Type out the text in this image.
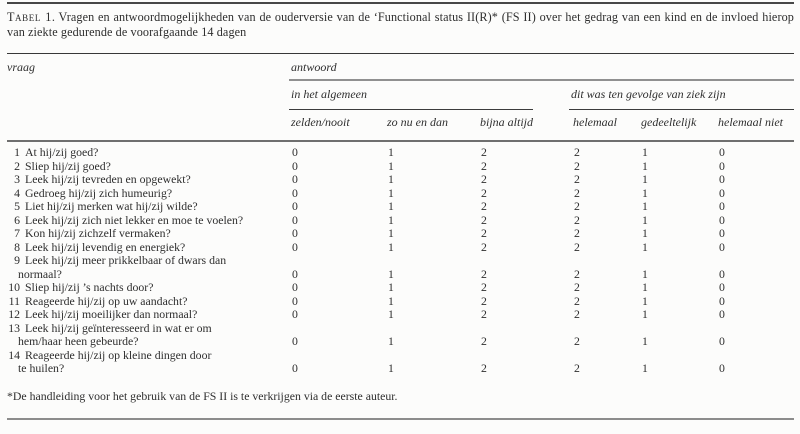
Tabel 1. Vragen en antwoordmogelijkheden van de ouderversie van de ‘Functional status II(R)* (FS II) over het gedrag van een kind en de invloed hierop van ziekte gedurende de voorafgaande 14 dagen
vraag	antwoord
in het algemeen	dit was ten gevolge van ziek zijn
zelden/nooit	zo nu en dan	bijna altijd	helemaal	gedeeltelijk	helemaal niet
1 At hij/zij goed?	0	1	2	2	1	0
2 Sliep hij/zij goed?	0	1	2	2	1	0
3 Leek hij/zij tevreden en opgewekt?	0	1	2	2	1	0
4 Gedroeg hij/zij zich humeurig?	0	1	2	2	1	0
5 Liet hij/zij merken wat hij/zij wilde?	0	1	2	2	1	0
6 Leek hij/zij zich niet lekker en moe te voelen?	0	1	2	2	1	0
7 Kon hij/zij zichzelf vermaken?	0	1	2	2	1	0
8 Leek hij/zij levendig en energiek?	0	1	2	2	1	0
9 Leek hij/zij meer prikkelbaar of dwars dan
normaal?	0	1	2	2	1	0
10 Sliep hij/zij ’s nachts door?	0	1	2	2	1	0
11 Reageerde hij/zij op uw aandacht?	0	1	2	2	1	0
12 Leek hij/zij moeilijker dan normaal?	0	1	2	2	1	0
13 Leek hij/zij geïnteresseerd in wat er om
hem/haar heen gebeurde?	0	1	2	2	1	0
14 Reageerde hij/zij op kleine dingen door
te huilen?	0	1	2	2	1	0
*De handleiding voor het gebruik van de FS II is te verkrijgen via de eerste auteur.
